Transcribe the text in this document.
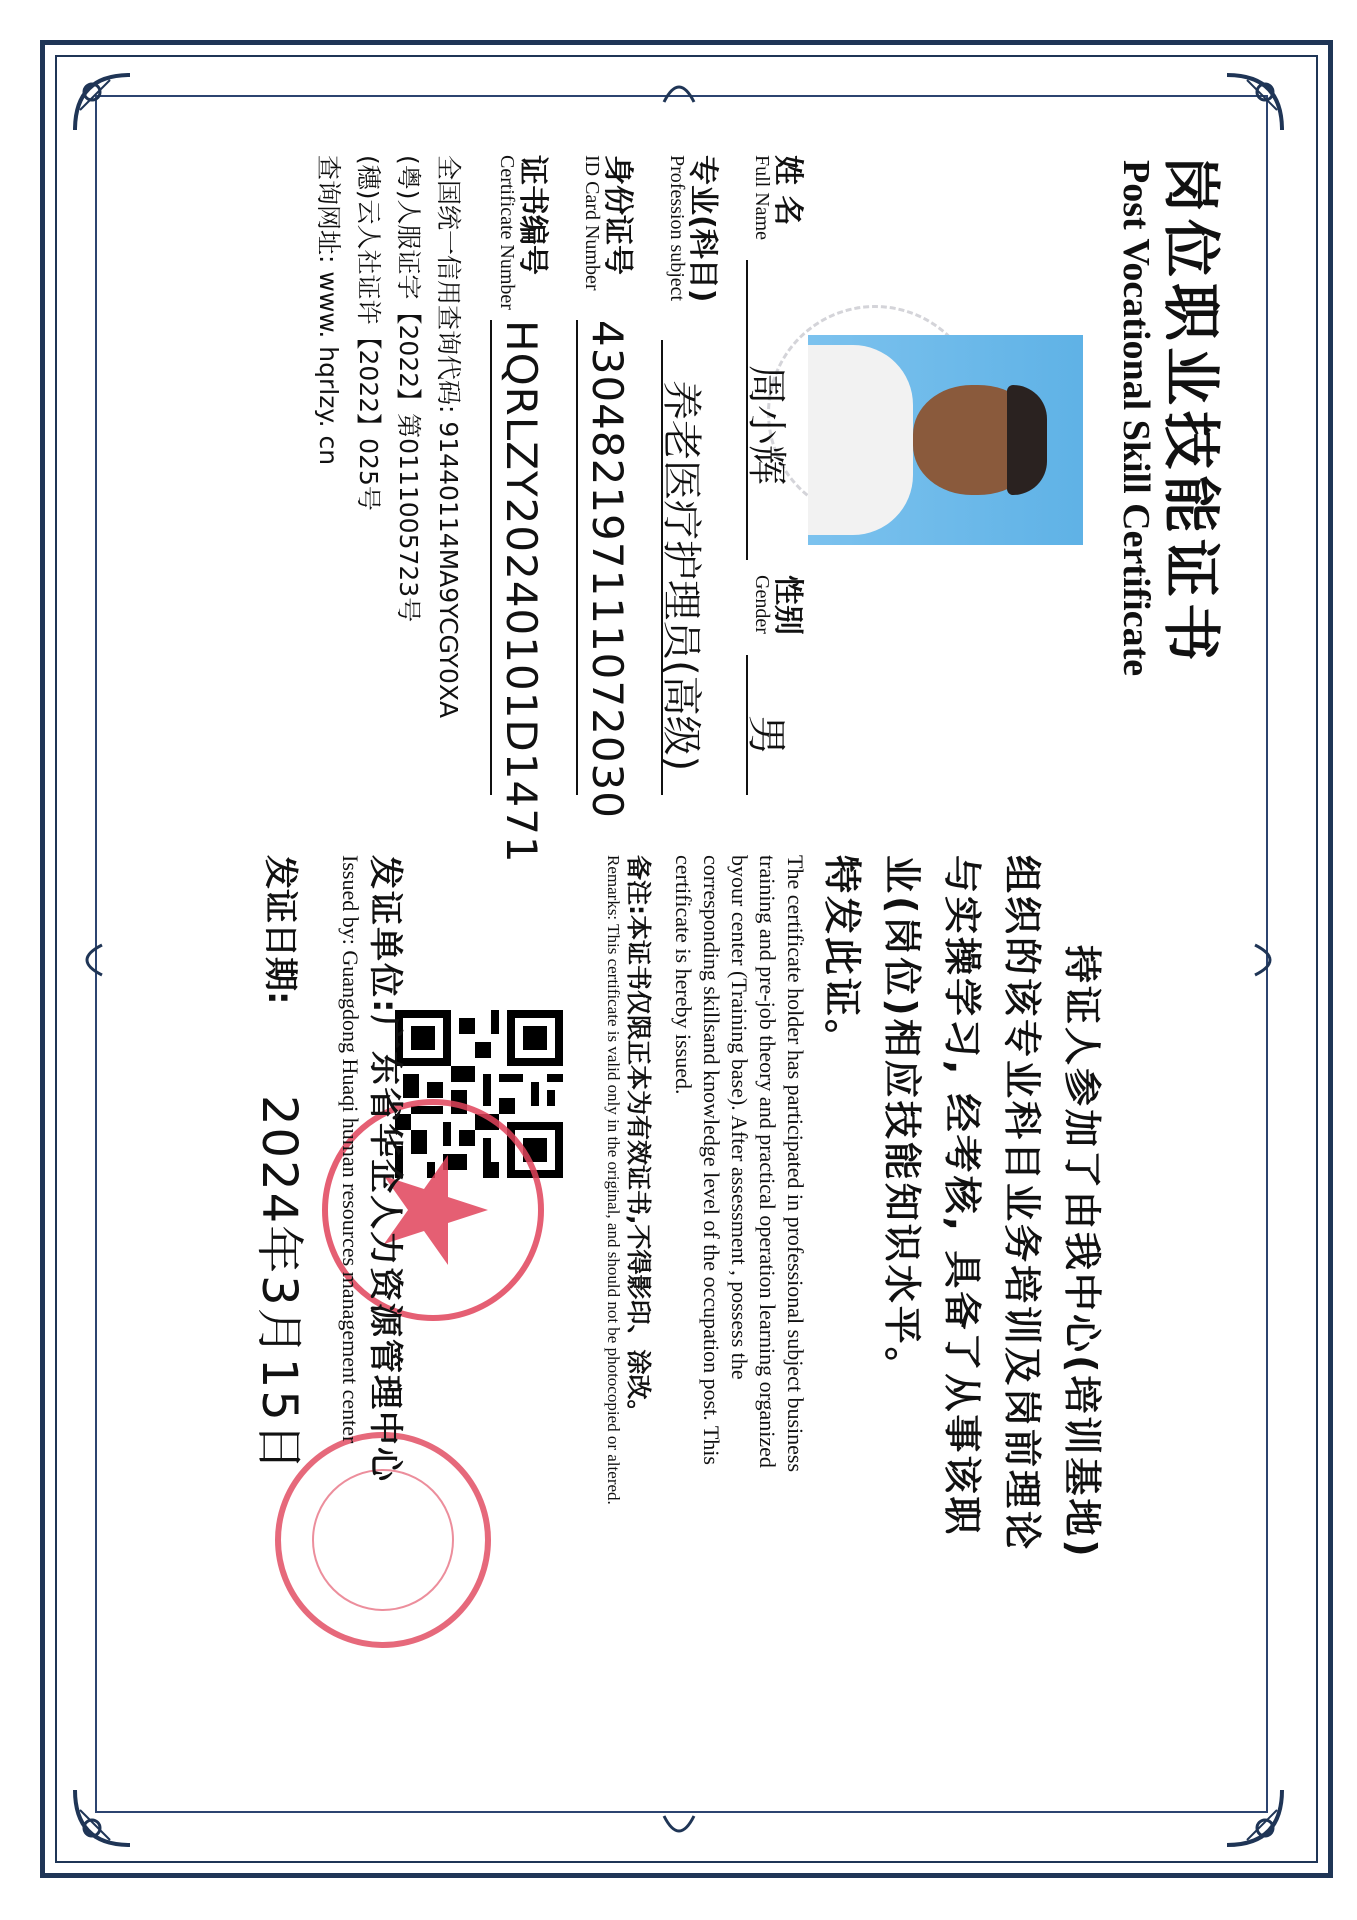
岗位职业技能证书
Post Vocational Skill Certificate
姓 名
Full Name
周小辉
性别
Gender
男
专业(科目)
Profession subject
养老医疗护理员(高级)
身份证号
ID Card Number
430482197111072030
证书编号
Certificate Number
HQRLZY20240101D1471
全国统一信用查询代码: 91440114MA9YCGY0XA
(粤)人服证字【2022】第0111005723号
(穗)云人社证许【2022】025号
查询网址: www. hqrlzy. cn
持证人参加了由我中心(培训基地)
组织的该专业科目业务培训及岗前理论
与实操学习, 经考核, 具备了从事该职
业(岗位)相应技能知识水平。
特发此证。
The certificate holder has participated in professional subject business
training and pre-job theory and practical operation learning organized
byour center (Training base). After assessment , possess the
corresponding skillsand knowledge level of the occupation post. This
certificate is hereby issued.
备注:本证书仅限正本为有效证书,不得影印、涂改。
Remarks: This certificate is valid only in the original, and should not be photocopied or altered.
发证单位:
广东省华企人力资源管理中心
Issued by: Guangdong Huaqi human resources management center
发证日期:
2024年3月15日
